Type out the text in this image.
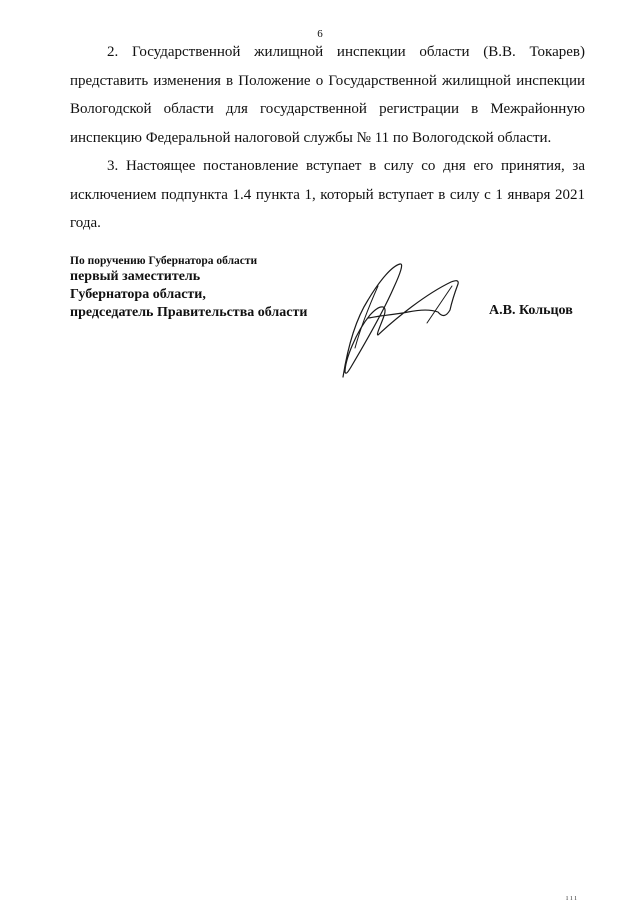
6

2. Государственной жилищной инспекции области (В.В. Токарев) представить изменения в Положение о Государственной жилищной инспекции Вологодской области для государственной регистрации в Межрайонную инспекцию Федеральной налоговой службы № 11 по Вологодской области.

3. Настоящее постановление вступает в силу со дня его принятия, за исключением подпункта 1.4 пункта 1, который вступает в силу с 1 января 2021 года.

По поручению Губернатора области
первый заместитель
Губернатора области,
председатель Правительства области	А.В. Кольцов
ı ı ı
